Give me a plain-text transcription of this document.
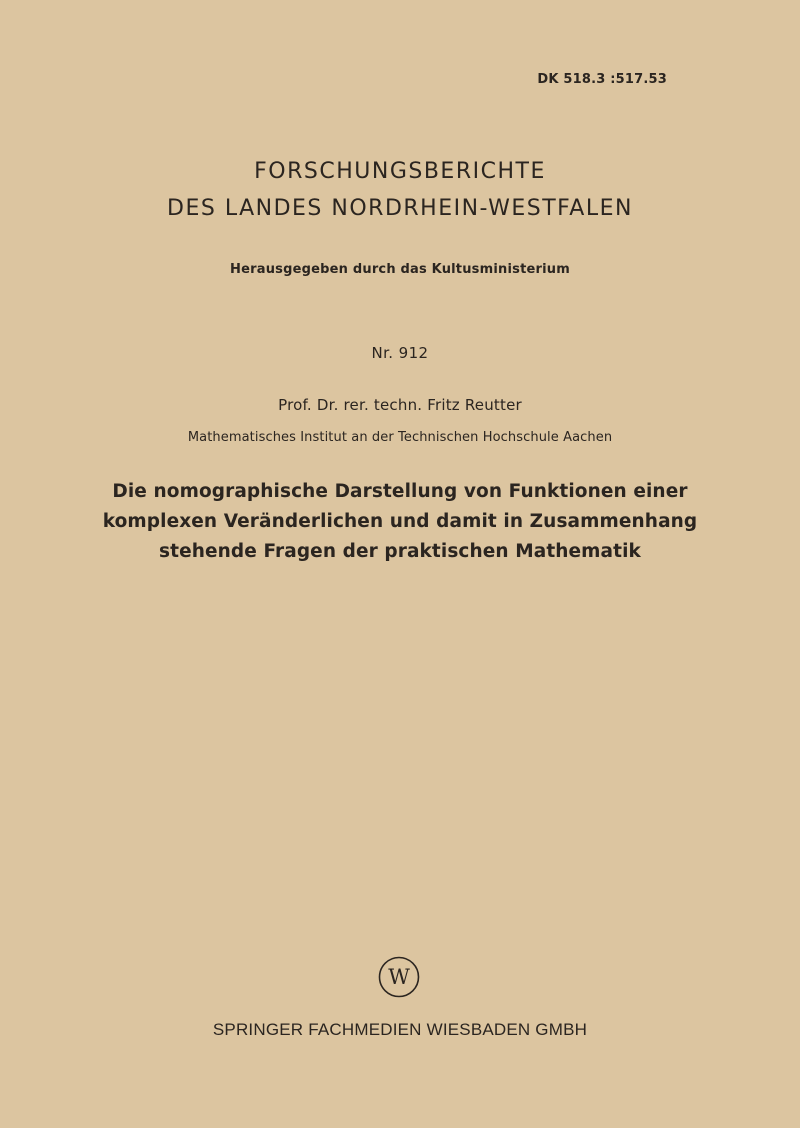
DK 518.3 :517.53
FORSCHUNGSBERICHTE
DES LANDES NORDRHEIN-WESTFALEN
Herausgegeben durch das Kultusministerium
Nr. 912
Prof. Dr. rer. techn. Fritz Reutter
Mathematisches Institut an der Technischen Hochschule Aachen
Die nomographische Darstellung von Funktionen einer
komplexen Veränderlichen und damit in Zusammenhang
stehende Fragen der praktischen Mathematik
W
SPRINGER FACHMEDIEN WIESBADEN GMBH
